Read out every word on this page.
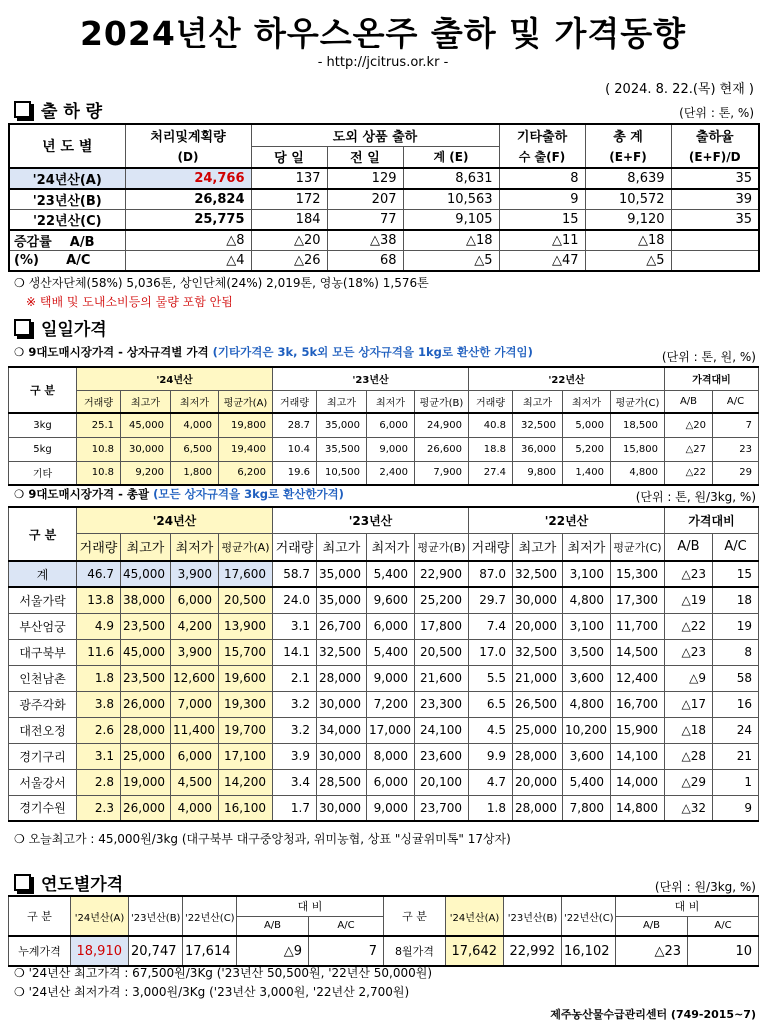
2024년산 하우스온주 출하 및 가격동향
- http://jcitrus.or.kr -
( 2024. 8. 22.(목) 현재 )
출 하 량	(단위 : 톤, %)
년 도 별	처리및계획량	도외 상품 출하			기타출하	총 계	출하율
	(D)	당 일	전 일	계 (E)	수 출(F)	(E+F)	(E+F)/D
'24년산(A)	24,766	137	129	8,631	8	8,639	35
'23년산(B)	26,824	172	207	10,563	9	10,572	39
'22년산(C)	25,775	184	77	9,105	15	9,120	35
증감률 A/B	△8	△20	△38	△18	△11	△18	
(%) A/C	△4	△26	68	△5	△47	△5	
❍ 생산자단체(58%) 5,036톤, 상인단체(24%) 2,019톤, 영농(18%) 1,576톤
※ 택배 및 도내소비등의 물량 포함 안됨
일일가격
❍ 9대도매시장가격 - 상자규격별 가격 (기타가격은 3k, 5k외 모든 상자규격을 1kg로 환산한 가격임)	(단위 : 톤, 원, %)
구 분	'24년산				'23년산				'22년산				가격대비	
	거래량	최고가	최저가	평균가(A)	거래량	최고가	최저가	평균가(B)	거래량	최고가	최저가	평균가(C)	A/B	A/C
3kg	25.1	45,000	4,000	19,800	28.7	35,000	6,000	24,900	40.8	32,500	5,000	18,500	△20	7
5kg	10.8	30,000	6,500	19,400	10.4	35,500	9,000	26,600	18.8	36,000	5,200	15,800	△27	23
기타	10.8	9,200	1,800	6,200	19.6	10,500	2,400	7,900	27.4	9,800	1,400	4,800	△22	29
❍ 9대도매시장가격 - 총괄 (모든 상자규격을 3kg로 환산한가격)	(단위 : 톤, 원/3kg, %)
구 분	'24년산				'23년산				'22년산				가격대비	
	거래량	최고가	최저가	평균가(A)	거래량	최고가	최저가	평균가(B)	거래량	최고가	최저가	평균가(C)	A/B	A/C
계	46.7	45,000	3,900	17,600	58.7	35,000	5,400	22,900	87.0	32,500	3,100	15,300	△23	15
서울가락	13.8	38,000	6,000	20,500	24.0	35,000	9,600	25,200	29.7	30,000	4,800	17,300	△19	18
부산엄궁	4.9	23,500	4,200	13,900	3.1	26,700	6,000	17,800	7.4	20,000	3,100	11,700	△22	19
대구북부	11.6	45,000	3,900	15,700	14.1	32,500	5,400	20,500	17.0	32,500	3,500	14,500	△23	8
인천남촌	1.8	23,500	12,600	19,600	2.1	28,000	9,000	21,600	5.5	21,000	3,600	12,400	△9	58
광주각화	3.8	26,000	7,000	19,300	3.2	30,000	7,200	23,300	6.5	26,500	4,800	16,700	△17	16
대전오정	2.6	28,000	11,400	19,700	3.2	34,000	17,000	24,100	4.5	25,000	10,200	15,900	△18	24
경기구리	3.1	25,000	6,000	17,100	3.9	30,000	8,000	23,600	9.9	28,000	3,600	14,100	△28	21
서울강서	2.8	19,000	4,500	14,200	3.4	28,500	6,000	20,100	4.7	20,000	5,400	14,000	△29	1
경기수원	2.3	26,000	4,000	16,100	1.7	30,000	9,000	23,700	1.8	28,000	7,800	14,800	△32	9
❍ 오늘최고가 : 45,000원/3kg (대구북부 대구중앙청과, 위미농협, 상표 "싱귤위미톡" 17상자)
연도별가격	(단위 : 원/3kg, %)
구 분	'24년산(A)	'23년산(B)	'22년산(C)	대 비		구 분	'24년산(A)	'23년산(B)	'22년산(C)	대 비	
				A/B	A/C					A/B	A/C
누계가격	18,910	20,747	17,614	△9	7	8월가격	17,642	22,992	16,102	△23	10
❍ '24년산 최고가격 : 67,500원/3Kg ('23년산 50,500원, '22년산 50,000원)
❍ '24년산 최저가격 : 3,000원/3Kg ('23년산 3,000원, '22년산 2,700원)
제주농산물수급관리센터 (749-2015~7)
